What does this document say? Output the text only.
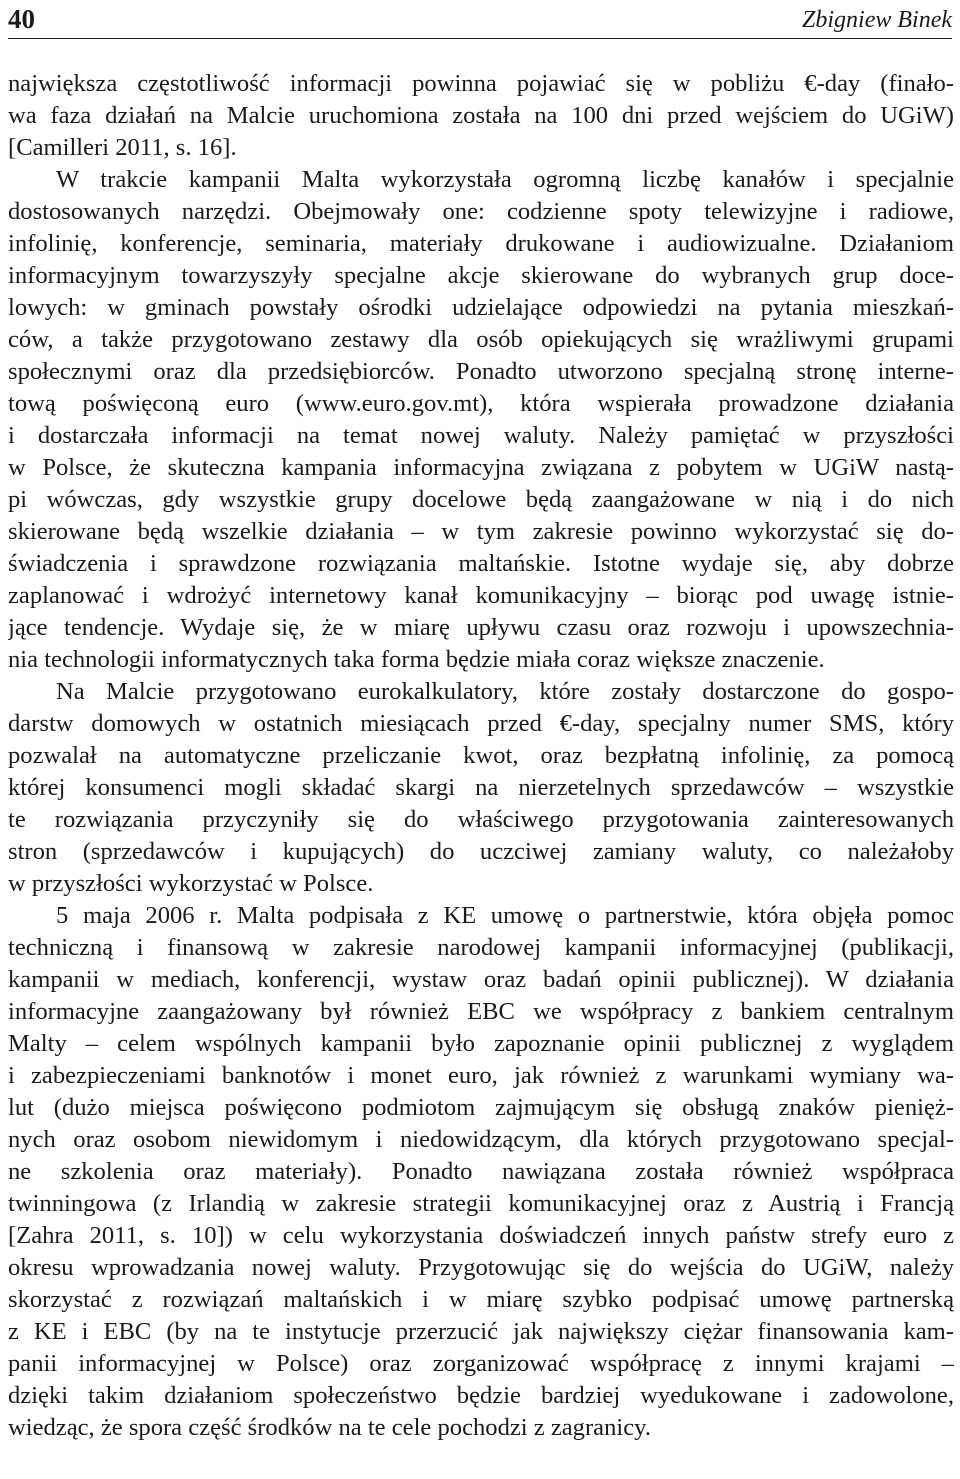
40	Zbigniew Binek
największa częstotliwość informacji powinna pojawiać się w pobliżu €-day (finało-
wa faza działań na Malcie uruchomiona została na 100 dni przed wejściem do UGiW)
[Camilleri 2011, s. 16].
W trakcie kampanii Malta wykorzystała ogromną liczbę kanałów i specjalnie
dostosowanych narzędzi. Obejmowały one: codzienne spoty telewizyjne i radiowe,
infolinię, konferencje, seminaria, materiały drukowane i audiowizualne. Działaniom
informacyjnym towarzyszyły specjalne akcje skierowane do wybranych grup doce-
lowych: w gminach powstały ośrodki udzielające odpowiedzi na pytania mieszkań-
ców, a także przygotowano zestawy dla osób opiekujących się wrażliwymi grupami
społecznymi oraz dla przedsiębiorców. Ponadto utworzono specjalną stronę interne-
tową poświęconą euro (www.euro.gov.mt), która wspierała prowadzone działania
i dostarczała informacji na temat nowej waluty. Należy pamiętać w przyszłości
w Polsce, że skuteczna kampania informacyjna związana z pobytem w UGiW nastą-
pi wówczas, gdy wszystkie grupy docelowe będą zaangażowane w nią i do nich
skierowane będą wszelkie działania – w tym zakresie powinno wykorzystać się do-
świadczenia i sprawdzone rozwiązania maltańskie. Istotne wydaje się, aby dobrze
zaplanować i wdrożyć internetowy kanał komunikacyjny – biorąc pod uwagę istnie-
jące tendencje. Wydaje się, że w miarę upływu czasu oraz rozwoju i upowszechnia-
nia technologii informatycznych taka forma będzie miała coraz większe znaczenie.
Na Malcie przygotowano eurokalkulatory, które zostały dostarczone do gospo-
darstw domowych w ostatnich miesiącach przed €-day, specjalny numer SMS, który
pozwalał na automatyczne przeliczanie kwot, oraz bezpłatną infolinię, za pomocą
której konsumenci mogli składać skargi na nierzetelnych sprzedawców – wszystkie
te rozwiązania przyczyniły się do właściwego przygotowania zainteresowanych
stron (sprzedawców i kupujących) do uczciwej zamiany waluty, co należałoby
w przyszłości wykorzystać w Polsce.
5 maja 2006 r. Malta podpisała z KE umowę o partnerstwie, która objęła pomoc
techniczną i finansową w zakresie narodowej kampanii informacyjnej (publikacji,
kampanii w mediach, konferencji, wystaw oraz badań opinii publicznej). W działania
informacyjne zaangażowany był również EBC we współpracy z bankiem centralnym
Malty – celem wspólnych kampanii było zapoznanie opinii publicznej z wyglądem
i zabezpieczeniami banknotów i monet euro, jak również z warunkami wymiany wa-
lut (dużo miejsca poświęcono podmiotom zajmującym się obsługą znaków pienięż-
nych oraz osobom niewidomym i niedowidzącym, dla których przygotowano specjal-
ne szkolenia oraz materiały). Ponadto nawiązana została również współpraca
twinningowa (z Irlandią w zakresie strategii komunikacyjnej oraz z Austrią i Francją
[Zahra 2011, s. 10]) w celu wykorzystania doświadczeń innych państw strefy euro z
okresu wprowadzania nowej waluty. Przygotowując się do wejścia do UGiW, należy
skorzystać z rozwiązań maltańskich i w miarę szybko podpisać umowę partnerską
z KE i EBC (by na te instytucje przerzucić jak największy ciężar finansowania kam-
panii informacyjnej w Polsce) oraz zorganizować współpracę z innymi krajami –
dzięki takim działaniom społeczeństwo będzie bardziej wyedukowane i zadowolone,
wiedząc, że spora część środków na te cele pochodzi z zagranicy.
